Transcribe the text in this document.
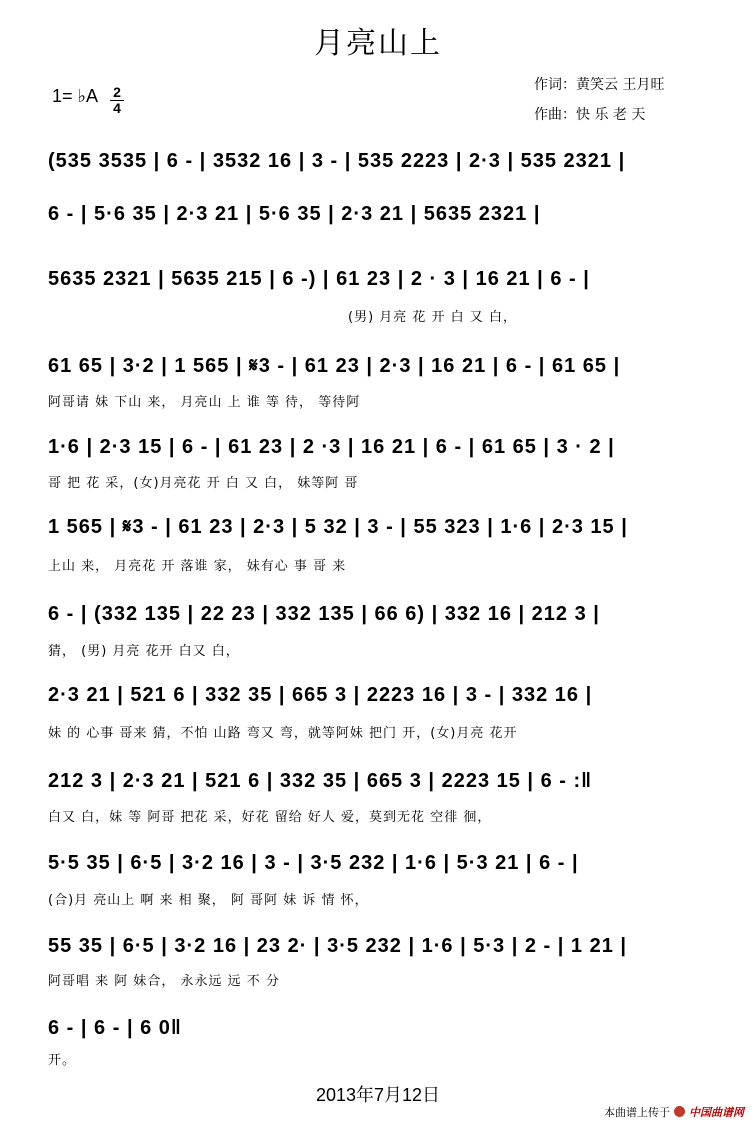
月亮山上
1= ♭A 2
4
作词：黄笑云 王月旺
作曲：快 乐 老 天
(535 3535 | 6 - | 3532 16 | 3 - | 535 2223 | 2·3 | 535 2321 |
6 - | 5·6 35 | 2·3 21 | 5·6 35 | 2·3 21 | 5635 2321 |
5635 2321 | 5635 215 | 6 -) | 61 23 | 2 · 3 | 16 21 | 6 - |
(男) 月亮 花 开 白 又 白，
61 65 | 3·2 | 1 565 | 𝄋3 - | 61 23 | 2·3 | 16 21 | 6 - | 61 65 |
阿哥请 妹 下山 来， 月亮山 上 谁 等 待， 等待阿
1·6 | 2·3 15 | 6 - | 61 23 | 2 ·3 | 16 21 | 6 - | 61 65 | 3 · 2 |
哥 把 花 采，(女)月亮花 开 白 又 白， 妹等阿 哥
1 565 | 𝄋3 - | 61 23 | 2·3 | 5 32 | 3 - | 55 323 | 1·6 | 2·3 15 |
上山 来， 月亮花 开 落谁 家， 妹有心 事 哥 来
6 - | (332 135 | 22 23 | 332 135 | 66 6) | 332 16 | 212 3 |
猜， (男) 月亮 花开 白又 白，
2·3 21 | 521 6 | 332 35 | 665 3 | 2223 16 | 3 - | 332 16 |
妹 的 心事 哥来 猜，不怕 山路 弯又 弯，就等阿妹 把门 开，(女)月亮 花开
212 3 | 2·3 21 | 521 6 | 332 35 | 665 3 | 2223 15 | 6 - :‖
白又 白，妹 等 阿哥 把花 采，好花 留给 好人 爱，莫到无花 空徘 徊，
5·5 35 | 6·5 | 3·2 16 | 3 - | 3·5 232 | 1·6 | 5·3 21 | 6 - |
(合)月 亮山上 啊 来 相 聚， 阿 哥阿 妹 诉 情 怀，
55 35 | 6·5 | 3·2 16 | 23 2· | 3·5 232 | 1·6 | 5·3 | 2 - | 1 21 |
阿哥唱 来 阿 妹合， 永永远 远 不 分
6 - | 6 - | 6 0‖
开。
2013年7月12日
本曲谱上传于 中国曲谱网
